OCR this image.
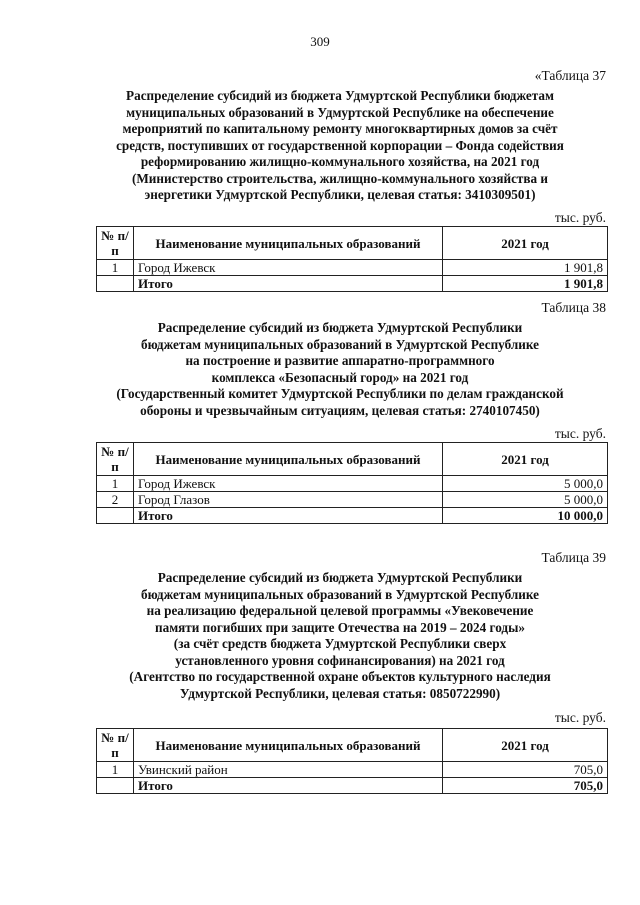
309
«Таблица 37
Распределение субсидий из бюджета Удмуртской Республики бюджетам
муниципальных образований в Удмуртской Республике на обеспечение
мероприятий по капитальному ремонту многоквартирных домов за счёт
средств, поступивших от государственной корпорации – Фонда содействия
реформированию жилищно-коммунального хозяйства, на 2021 год
(Министерство строительства, жилищно-коммунального хозяйства и
энергетики Удмуртской Республики, целевая статья: 3410309501)
тыс. руб.
№ п/п	Наименование муниципальных образований	2021 год
1	Город Ижевск	1 901,8
	Итого	1 901,8
Таблица 38
Распределение субсидий из бюджета Удмуртской Республики
бюджетам муниципальных образований в Удмуртской Республике
на построение и развитие аппаратно-программного
комплекса «Безопасный город» на 2021 год
(Государственный комитет Удмуртской Республики по делам гражданской
обороны и чрезвычайным ситуациям, целевая статья: 2740107450)
тыс. руб.
№ п/п	Наименование муниципальных образований	2021 год
1	Город Ижевск	5 000,0
2	Город Глазов	5 000,0
	Итого	10 000,0
Таблица 39
Распределение субсидий из бюджета Удмуртской Республики
бюджетам муниципальных образований в Удмуртской Республике
на реализацию федеральной целевой программы «Увековечение
памяти погибших при защите Отечества на 2019 – 2024 годы»
(за счёт средств бюджета Удмуртской Республики сверх
установленного уровня софинансирования) на 2021 год
(Агентство по государственной охране объектов культурного наследия
Удмуртской Республики, целевая статья: 0850722990)
тыс. руб.
№ п/п	Наименование муниципальных образований	2021 год
1	Увинский район	705,0
	Итого	705,0
